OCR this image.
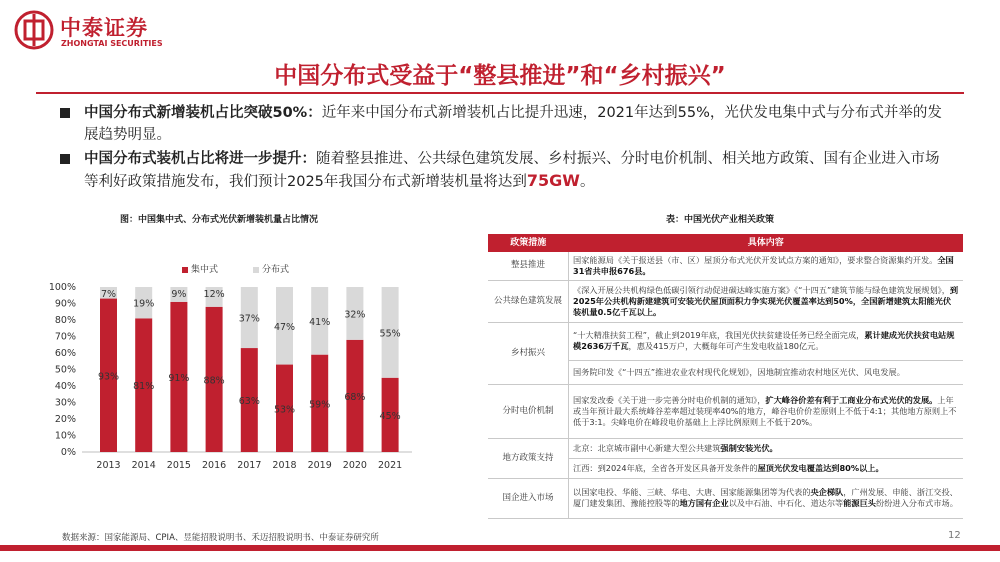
中泰证券
ZHONGTAI SECURITIES
中国分布式受益于“整县推进”和“乡村振兴”
中国分布式新增装机占比突破50%：近年来中国分布式新增装机占比提升迅速，2021年达到55%，光伏发电集中式与分布式并举的发展趋势明显。
中国分布式装机占比将进一步提升：随着整县推进、公共绿色建筑发展、乡村振兴、分时电价机制、相关地方政策、国有企业进入市场等利好政策措施发布，我们预计2025年我国分布式新增装机量将达到75GW。
图：中国集中式、分布式光伏新增装机量占比情况	表：中国光伏产业相关政策
集中式	分布式
0%
10%
20%
30%
40%
50%
60%
70%
80%
90%
100%
93%
7%
2013
81%
19%
2014
91%
9%
2015
88%
12%
2016
63%
37%
2017
53%
47%
2018
59%
41%
2019
68%
32%
2020
45%
55%
2021
政策措施	具体内容
整县推进	国家能源局《关于报送县（市、区）屋顶分布式光伏开发试点方案的通知》，要求整合资源集约开发。全国31省共申报676县。
公共绿色建筑发展	《深入开展公共机构绿色低碳引领行动促进碳达峰实施方案》《“十四五”建筑节能与绿色建筑发展规划》，到2025年公共机构新建建筑可安装光伏屋顶面积力争实现光伏覆盖率达到50%，全国新增建筑太阳能光伏装机量0.5亿千瓦以上。
乡村振兴	“十大精准扶贫工程”，截止到2019年底，我国光伏扶贫建设任务已经全面完成，累计建成光伏扶贫电站规模2636万千瓦，惠及415万户，大概每年可产生发电收益180亿元。
	国务院印发《“十四五”推进农业农村现代化规划》，因地制宜推动农村地区光伏、风电发展。
分时电价机制	国家发改委《关于进一步完善分时电价机制的通知》，扩大峰谷价差有利于工商业分布式光伏的发展。上年或当年预计最大系统峰谷差率超过装现率40%的地方，峰谷电价价差原则上不低于4:1；其他地方原则上不低于3:1。尖峰电价在峰段电价基础上上浮比例原则上不低于20%。
地方政策支持	北京：北京城市副中心新建大型公共建筑强制安装光伏。
	江西：到2024年底，全省各开发区具备开发条件的屋顶光伏发电覆盖达到80%以上。
国企进入市场	以国家电投、华能、三峡、华电、大唐、国家能源集团等为代表的央企梯队，广州发展、申能、浙江交投、厦门建发集团、豫能控股等的地方国有企业以及中石油、中石化、道达尔等能源巨头纷纷进入分布式市场。
数据来源：国家能源局、CPIA、昱能招股说明书、禾迈招股说明书、中泰证券研究所	12
